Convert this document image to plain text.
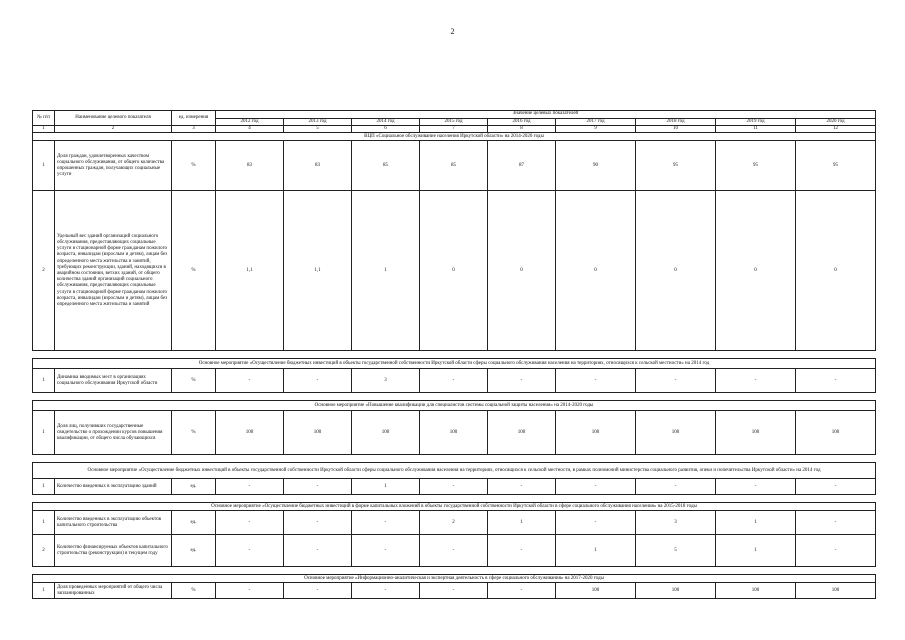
2
№ п/п	Наименование целевого показателя	ед. измерения	Значение целевых показателей								
			2012 год	2013 год	2014 год	2015 год	2016 год	2017 год	2018 год	2019 год	2020 год
1	2	3	4	5	6	7	8	9	10	11	12
ВЦП «Социальное обслуживание населения Иркутской области» на 2014-2020 годы											
1	Доля граждан, удовлетворенных качеством социального обслуживания, от общего количества опрошенных граждан, получающих социальные услуги	%	83	83	85	85	87	90	95	95	95
2	Удельный вес зданий организаций социального обслуживания, предоставляющих социальные услуги в стационарной форме гражданам пожилого возраста, инвалидам (взрослым и детям), лицам без определенного места жительства и занятий, требующих реконструкции, зданий, находящихся в аварийном состоянии, ветхих зданий, от общего количества зданий организаций социального обслуживания, предоставляющих социальные услуги в стационарной форме гражданам пожилого возраста, инвалидам (взрослым и детям), лицам без определенного места жительства и занятий	%	1,1	1,1	1	0	0	0	0	0	0

Основное мероприятие «Осуществление бюджетных инвестиций в объекты государственной собственности Иркутской области сферы социального обслуживания населения на территориях, относящихся к сельской местности» на 2014 год											
1	Динамика вводимых мест в организациях социального обслуживания Иркутской области	%	-	-	3	-	-	-	-	-	-

Основное мероприятие «Повышение квалификации для специалистов системы социальной защиты населения» на 2014-2020 годы											
1	Доля лиц, получивших государственные свидетельство о прохождении курсов повышения квалификации, от общего числа обучающихся	%	100	100	100	100	100	100	100	100	100

Основное мероприятие «Осуществление бюджетных инвестиций в объекты государственной собственности Иркутской области сферы социального обслуживания населения на территориях, относящихся к сельской местности, в рамках полномочий министерства социального развития, опеки и попечительства Иркутской области» на 2014 год											
1	Количество введенных в эксплуатацию зданий	ед.	-	-	1	-	-	-	-	-	-

Основное мероприятие «Осуществление бюджетных инвестиций в форме капитальных вложений в объекты государственной собственности Иркутской области в сфере социального обслуживания населения» на 2015-2018 годы											
1	Количество введенных в эксплуатацию объектов капитального строительства	ед.	-	-	-	2	1	-	3	1	-
2	Количество финансируемых объектов капитального строительства (реконструкции) в текущем году	ед.	-	-	-	-	-	1	5	1	-

Основное мероприятие «Информационно-аналитическая и экспертная деятельность в сфере социального обслуживания» на 2017-2020 годы											
1	Доля проведенных мероприятий от общего числа запланированных	%	-	-	-	-	-	100	100	100	100
